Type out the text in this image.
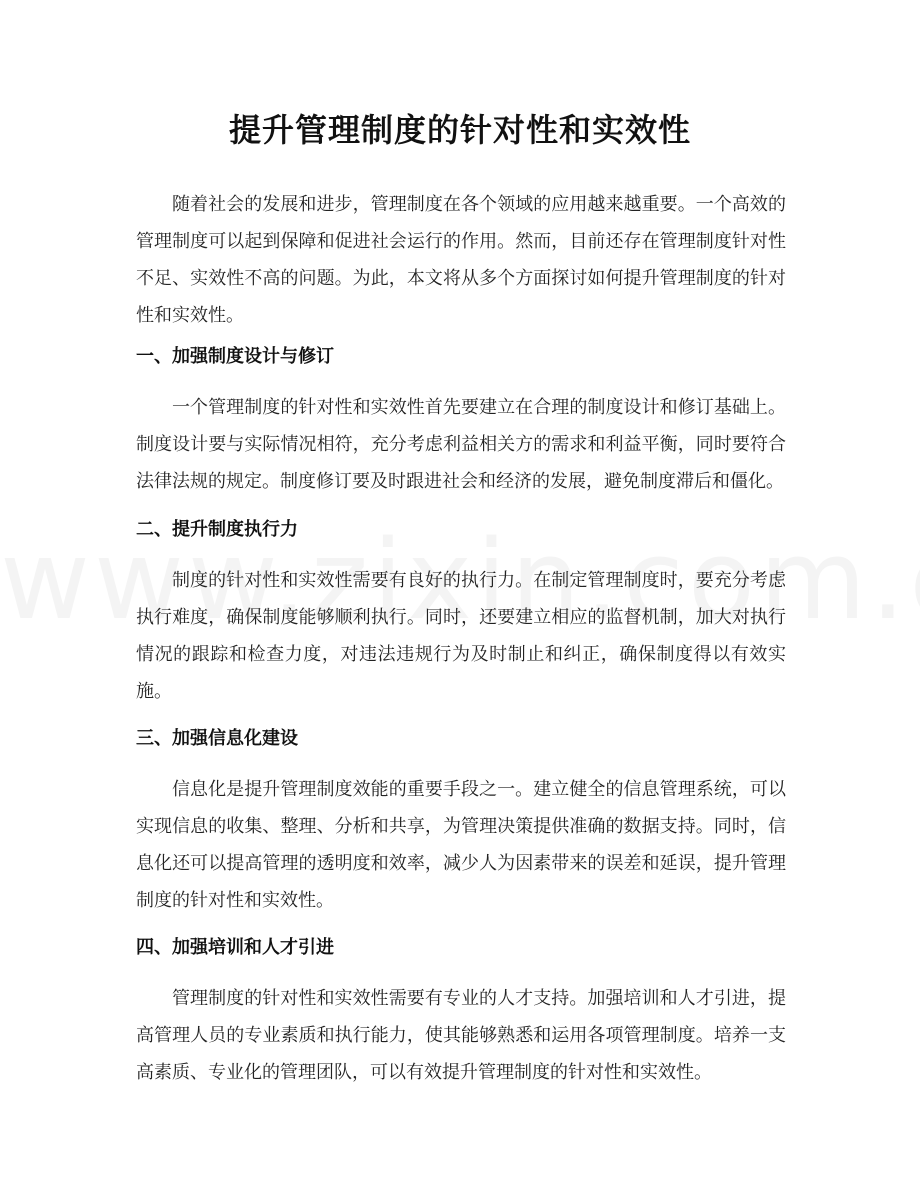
提升管理制度的针对性和实效性

随着社会的发展和进步，管理制度在各个领域的应用越来越重要。一个高效的管理制度可以起到保障和促进社会运行的作用。然而，目前还存在管理制度针对性不足、实效性不高的问题。为此，本文将从多个方面探讨如何提升管理制度的针对性和实效性。

一、加强制度设计与修订

一个管理制度的针对性和实效性首先要建立在合理的制度设计和修订基础上。制度设计要与实际情况相符，充分考虑利益相关方的需求和利益平衡，同时要符合法律法规的规定。制度修订要及时跟进社会和经济的发展，避免制度滞后和僵化。

二、提升制度执行力

制度的针对性和实效性需要有良好的执行力。在制定管理制度时，要充分考虑执行难度，确保制度能够顺利执行。同时，还要建立相应的监督机制，加大对执行情况的跟踪和检查力度，对违法违规行为及时制止和纠正，确保制度得以有效实施。

三、加强信息化建设

信息化是提升管理制度效能的重要手段之一。建立健全的信息管理系统，可以实现信息的收集、整理、分析和共享，为管理决策提供准确的数据支持。同时，信息化还可以提高管理的透明度和效率，减少人为因素带来的误差和延误，提升管理制度的针对性和实效性。

四、加强培训和人才引进

管理制度的针对性和实效性需要有专业的人才支持。加强培训和人才引进，提高管理人员的专业素质和执行能力，使其能够熟悉和运用各项管理制度。培养一支高素质、专业化的管理团队，可以有效提升管理制度的针对性和实效性。
